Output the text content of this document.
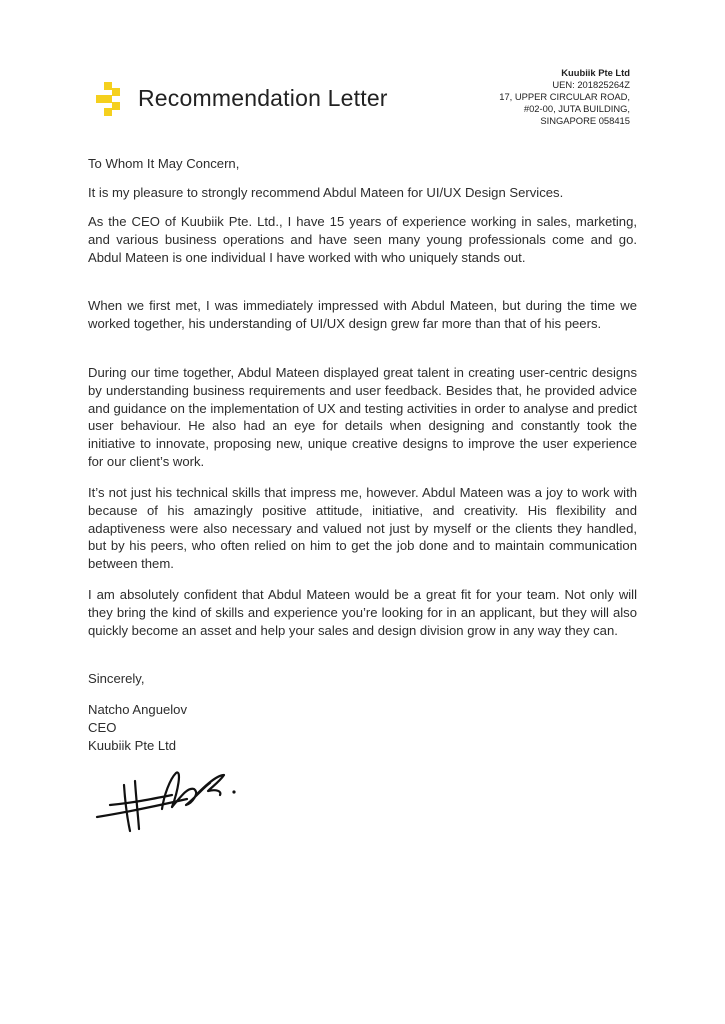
Recommendation Letter
Kuubiik Pte Ltd
UEN: 201825264Z
17, UPPER CIRCULAR ROAD,
#02-00, JUTA BUILDING,
SINGAPORE 058415
To Whom It May Concern,

It is my pleasure to strongly recommend Abdul Mateen for UI/UX Design Services.

As the CEO of Kuubiik Pte. Ltd., I have 15 years of experience working in sales, marketing, and various business operations and have seen many young professionals come and go. Abdul Mateen is one individual I have worked with who uniquely stands out.

When we first met, I was immediately impressed with Abdul Mateen, but during the time we worked together, his understanding of UI/UX design grew far more than that of his peers.

During our time together, Abdul Mateen displayed great talent in creating user-centric designs by understanding business requirements and user feedback. Besides that, he provided advice and guidance on the implementation of UX and testing activities in order to analyse and predict user behaviour. He also had an eye for details when designing and constantly took the initiative to innovate, proposing new, unique creative designs to improve the user experience for our client’s work.

It’s not just his technical skills that impress me, however. Abdul Mateen was a joy to work with because of his amazingly positive attitude, initiative, and creativity. His flexibility and adaptiveness were also necessary and valued not just by myself or the clients they handled, but by his peers, who often relied on him to get the job done and to maintain communication between them.

I am absolutely confident that Abdul Mateen would be a great fit for your team. Not only will they bring the kind of skills and experience you’re looking for in an applicant, but they will also quickly become an asset and help your sales and design division grow in any way they can.

Sincerely,
Natcho Anguelov
CEO
Kuubiik Pte Ltd
